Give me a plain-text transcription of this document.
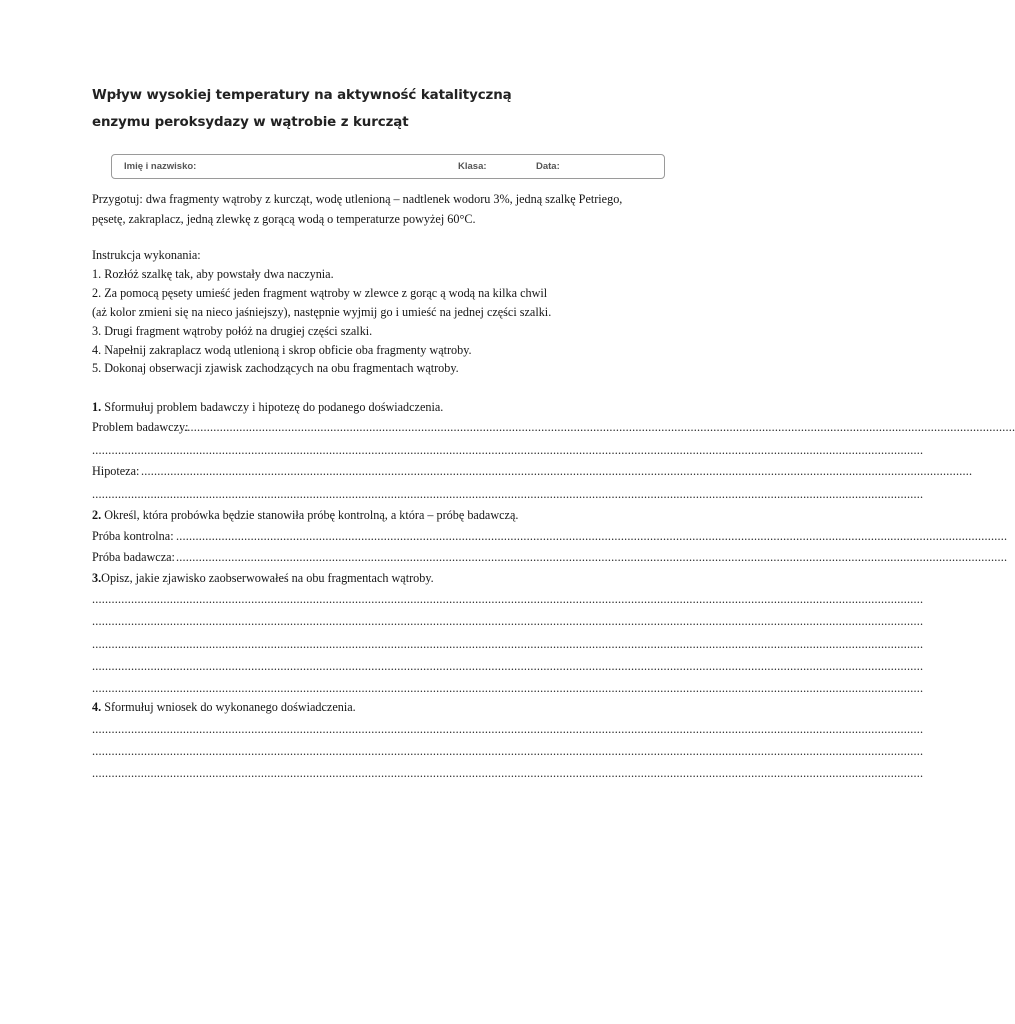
Wpływ wysokiej temperatury na aktywność katalityczną
enzymu peroksydazy w wątrobie z kurcząt
Imię i nazwisko:	Klasa:	Data:
Przygotuj: dwa fragmenty wątroby z kurcząt, wodę utlenioną – nadtlenek wodoru 3%, jedną szalkę Petriego,
pęsetę, zakraplacz, jedną zlewkę z gorącą wodą o temperaturze powyżej 60°C.
Instrukcja wykonania:
1. Rozłóż szalkę tak, aby powstały dwa naczynia.
2. Za pomocą pęsety umieść jeden fragment wątroby w zlewce z gorąc ą wodą na kilka chwil
(aż kolor zmieni się na nieco jaśniejszy), następnie wyjmij go i umieść na jednej części szalki.
3. Drugi fragment wątroby połóż na drugiej części szalki.
4. Napełnij zakraplacz wodą utlenioną i skrop obficie oba fragmenty wątroby.
5. Dokonaj obserwacji zjawisk zachodzących na obu fragmentach wątroby.
1. Sformułuj problem badawczy i hipotezę do podanego doświadczenia.
Problem badawczy:
................................................................................................................................................................................................................................................................
................................................................................................................................................................................................................................................................
Hipoteza: ................................................................................................................................................................................................................................................................
................................................................................................................................................................................................................................................................
2. Określ, która probówka będzie stanowiła próbę kontrolną, a która – próbę badawczą.
Próba kontrolna: ................................................................................................................................................................................................................................................................
Próba badawcza: ................................................................................................................................................................................................................................................................
3.Opisz, jakie zjawisko zaobserwowałeś na obu fragmentach wątroby.
................................................................................................................................................................................................................................................................
................................................................................................................................................................................................................................................................
................................................................................................................................................................................................................................................................
................................................................................................................................................................................................................................................................
................................................................................................................................................................................................................................................................
4. Sformułuj wniosek do wykonanego doświadczenia.
................................................................................................................................................................................................................................................................
................................................................................................................................................................................................................................................................
................................................................................................................................................................................................................................................................
